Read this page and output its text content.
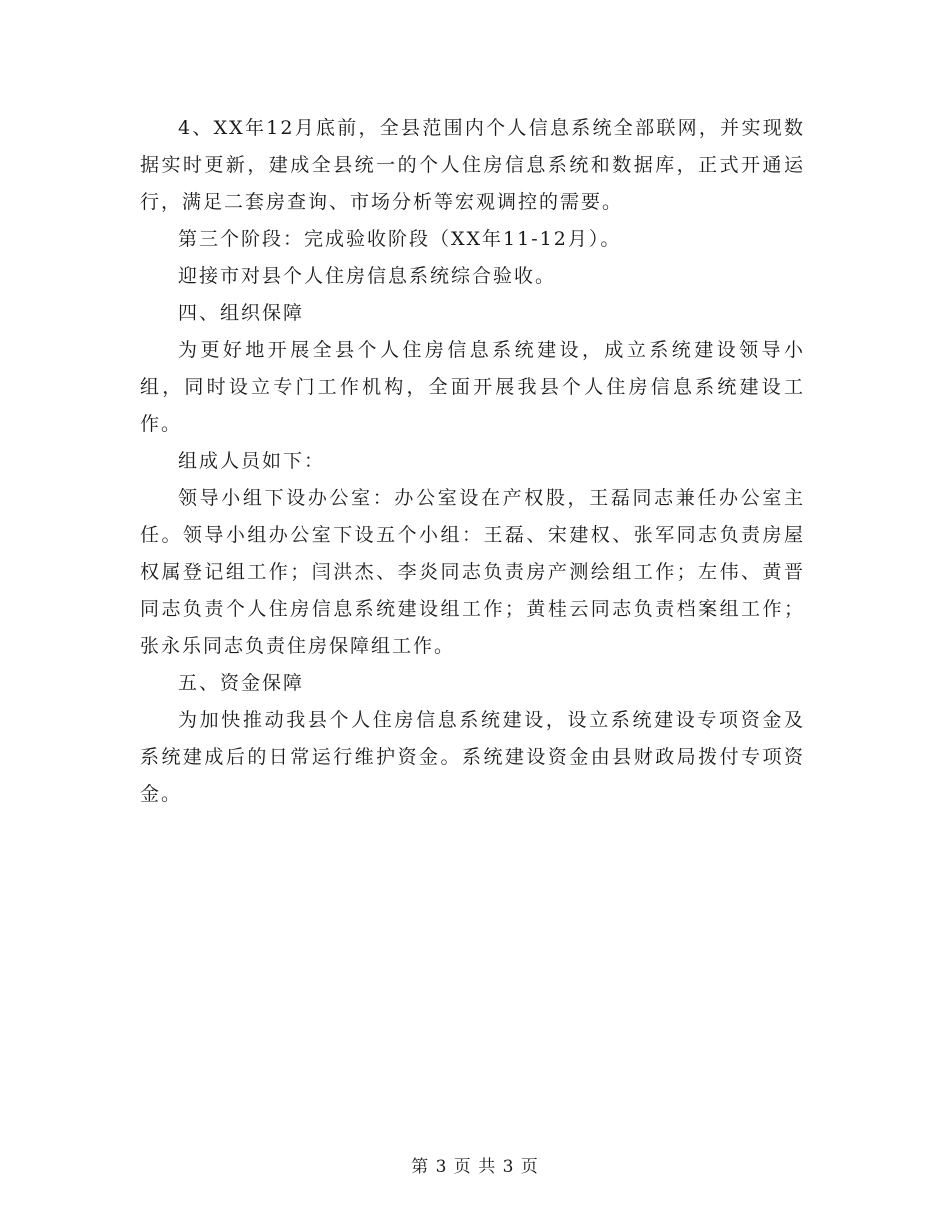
4、XX年12月底前，全县范围内个人信息系统全部联网，并实现数据实时更新，建成全县统一的个人住房信息系统和数据库，正式开通运行，满足二套房查询、市场分析等宏观调控的需要。

第三个阶段：完成验收阶段（XX年11-12月）。

迎接市对县个人住房信息系统综合验收。

四、组织保障

为更好地开展全县个人住房信息系统建设，成立系统建设领导小组，同时设立专门工作机构，全面开展我县个人住房信息系统建设工作。

组成人员如下：

领导小组下设办公室：办公室设在产权股，王磊同志兼任办公室主任。领导小组办公室下设五个小组：王磊、宋建权、张军同志负责房屋权属登记组工作；闫洪杰、李炎同志负责房产测绘组工作；左伟、黄晋同志负责个人住房信息系统建设组工作；黄桂云同志负责档案组工作；张永乐同志负责住房保障组工作。

五、资金保障

为加快推动我县个人住房信息系统建设，设立系统建设专项资金及系统建成后的日常运行维护资金。系统建设资金由县财政局拨付专项资金。

第 3 页 共 3 页
